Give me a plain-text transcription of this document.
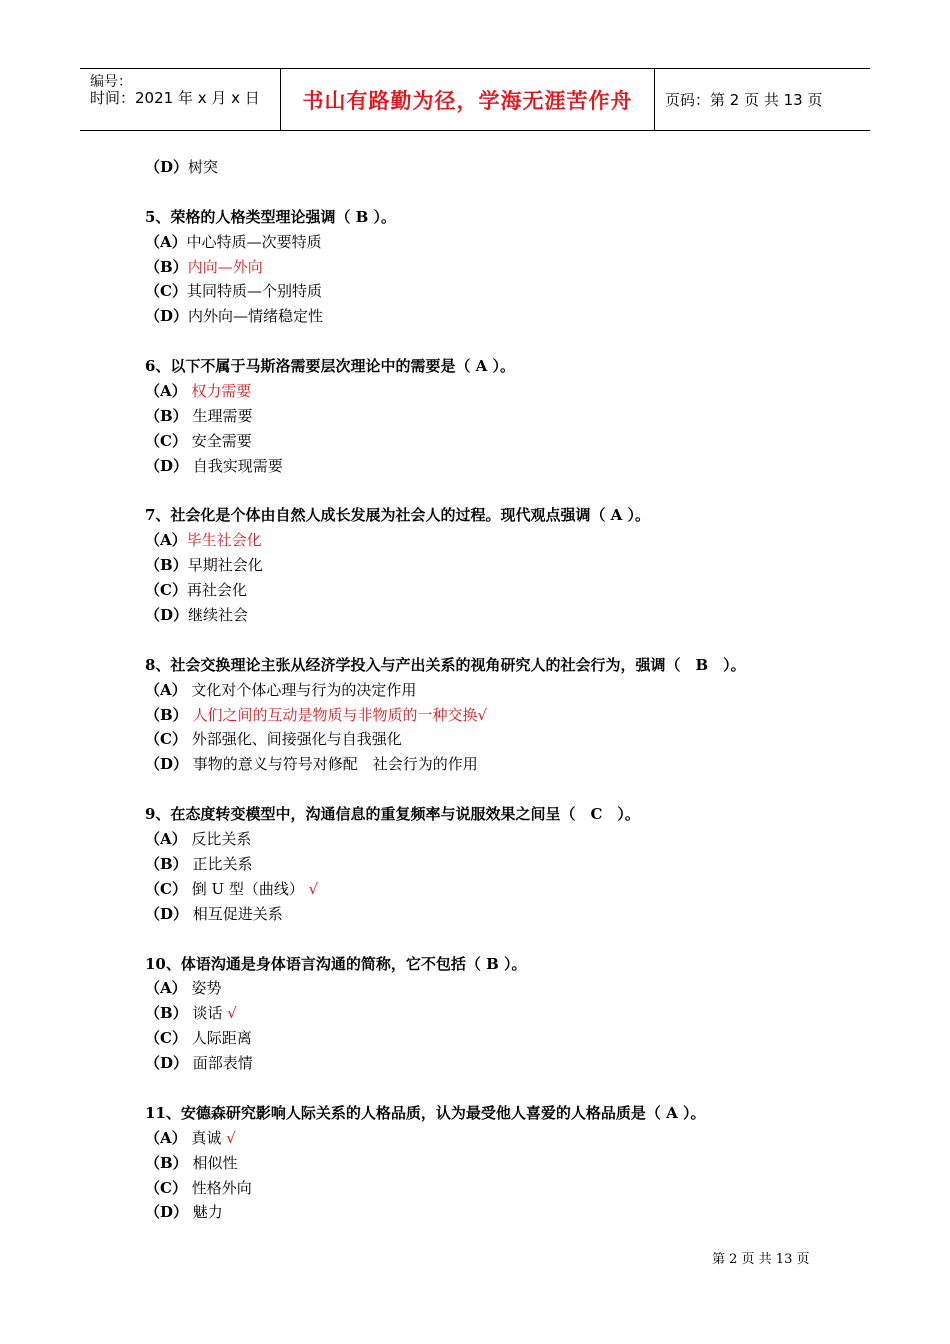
编号：
时间：2021 年 x 月 x 日	书山有路勤为径，学海无涯苦作舟	页码：第 2 页 共 13 页
（D）树突
5、荣格的人格类型理论强调（ B ）。
（A）中心特质—次要特质
（B）内向—外向
（C）其同特质—个别特质
（D）内外向—情绪稳定性
6、以下不属于马斯洛需要层次理论中的需要是（ A ）。
（A） 权力需要
（B） 生理需要
（C） 安全需要
（D） 自我实现需要
7、社会化是个体由自然人成长发展为社会人的过程。现代观点强调（ A ）。
（A）毕生社会化
（B）早期社会化
（C）再社会化
（D）继续社会
8、社会交换理论主张从经济学投入与产出关系的视角研究人的社会行为，强调（　B　）。
（A） 文化对个体心理与行为的决定作用
（B） 人们之间的互动是物质与非物质的一种交换√
（C） 外部强化、间接强化与自我强化
（D） 事物的意义与符号对修配　社会行为的作用
9、在态度转变模型中，沟通信息的重复频率与说服效果之间呈（　C　）。
（A） 反比关系
（B） 正比关系
（C） 倒 U 型（曲线） √
（D） 相互促进关系
10、体语沟通是身体语言沟通的简称，它不包括（ B ）。
（A） 姿势
（B） 谈话 √
（C） 人际距离
（D） 面部表情
11、安德森研究影响人际关系的人格品质，认为最受他人喜爱的人格品质是（ A ）。
（A） 真诚 √
（B） 相似性
（C） 性格外向
（D） 魅力
第 2 页 共 13 页
